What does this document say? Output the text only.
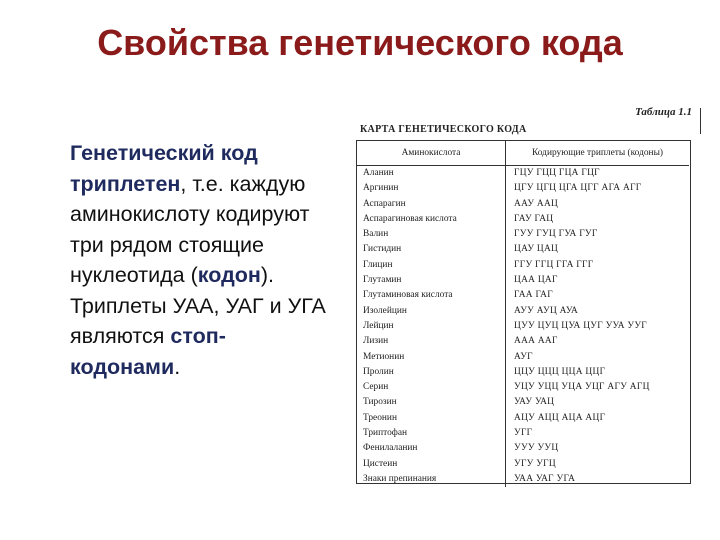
Свойства генетического кода
Генетический код триплетен, т.е. каждую аминокислоту кодируют три рядом стоящие нуклеотида (кодон). Триплеты УАА, УАГ и УГА являются стоп-кодонами.
Таблица 1.1
КАРТА ГЕНЕТИЧЕСКОГО КОДА
Аминокислота	Кодирующие триплеты (кодоны)
Аланин	ГЦУ ГЦЦ ГЦА ГЦГ
Аргинин	ЦГУ ЦГЦ ЦГА ЦГГ АГА АГГ
Аспарагин	ААУ ААЦ
Аспарагиновая кислота	ГАУ ГАЦ
Валин	ГУУ ГУЦ ГУА ГУГ
Гистидин	ЦАУ ЦАЦ
Глицин	ГГУ ГГЦ ГГА ГГГ
Глутамин	ЦАА ЦАГ
Глутаминовая кислота	ГАА ГАГ
Изолейцин	АУУ АУЦ АУА
Лейцин	ЦУУ ЦУЦ ЦУА ЦУГ УУА УУГ
Лизин	ААА ААГ
Метионин	АУГ
Пролин	ЦЦУ ЦЦЦ ЦЦА ЦЦГ
Серин	УЦУ УЦЦ УЦА УЦГ АГУ АГЦ
Тирозин	УАУ УАЦ
Треонин	АЦУ АЦЦ АЦА АЦГ
Триптофан	УГГ
Фенилаланин	УУУ УУЦ
Цистеин	УГУ УГЦ
Знаки препинания	УАА УАГ УГА
